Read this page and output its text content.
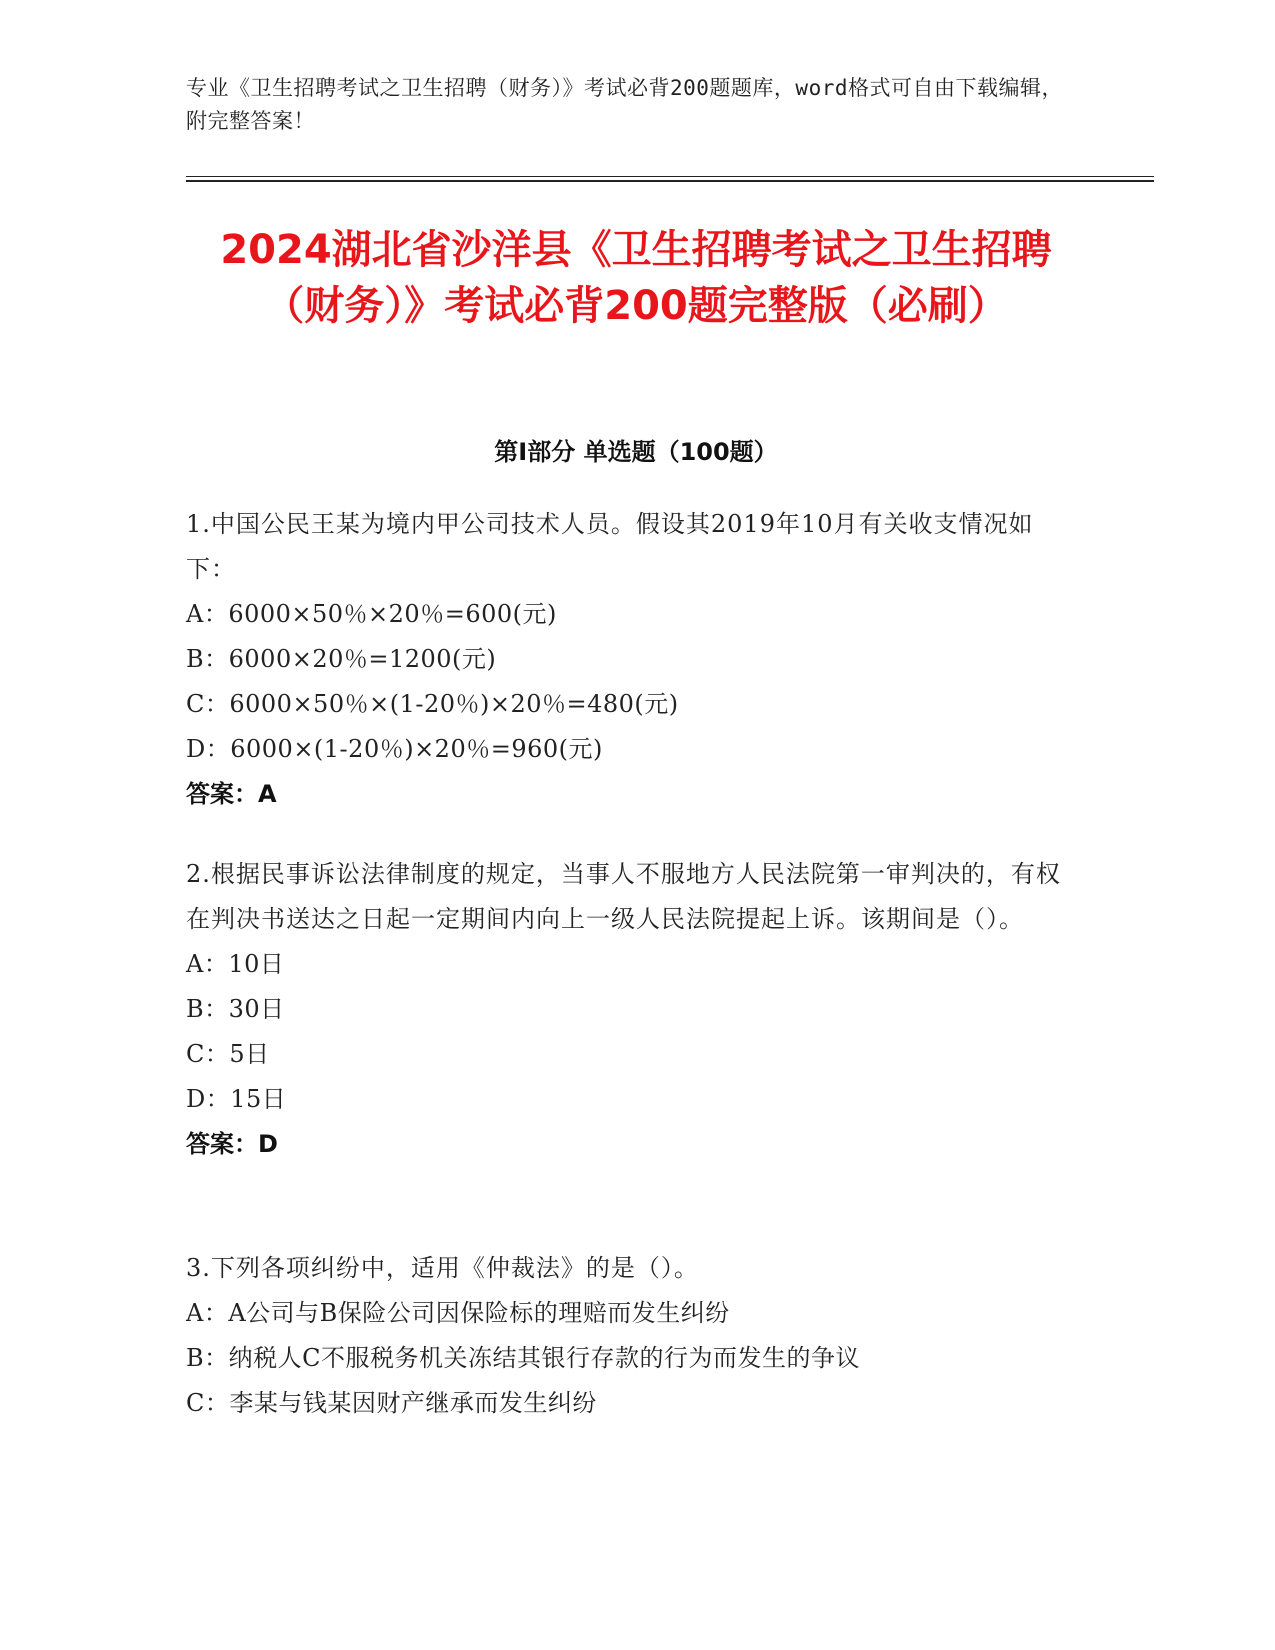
专业《卫生招聘考试之卫生招聘（财务）》考试必背200题题库，word格式可自由下载编辑，附完整答案！
2024湖北省沙洋县《卫生招聘考试之卫生招聘（财务）》考试必背200题完整版（必刷）
第Ⅰ部分 单选题（100题）
1.中国公民王某为境内甲公司技术人员。假设其2019年10月有关收支情况如下：
A：6000×50％×20％=600(元)
B：6000×20％=1200(元)
C：6000×50％×(1-20％)×20％=480(元)
D：6000×(1-20％)×20％=960(元)
答案：A
2.根据民事诉讼法律制度的规定，当事人不服地方人民法院第一审判决的，有权在判决书送达之日起一定期间内向上一级人民法院提起上诉。该期间是（）。
A：10日
B：30日
C：5日
D：15日
答案：D
3.下列各项纠纷中，适用《仲裁法》的是（）。
A：A公司与B保险公司因保险标的理赔而发生纠纷
B：纳税人C不服税务机关冻结其银行存款的行为而发生的争议
C：李某与钱某因财产继承而发生纠纷
